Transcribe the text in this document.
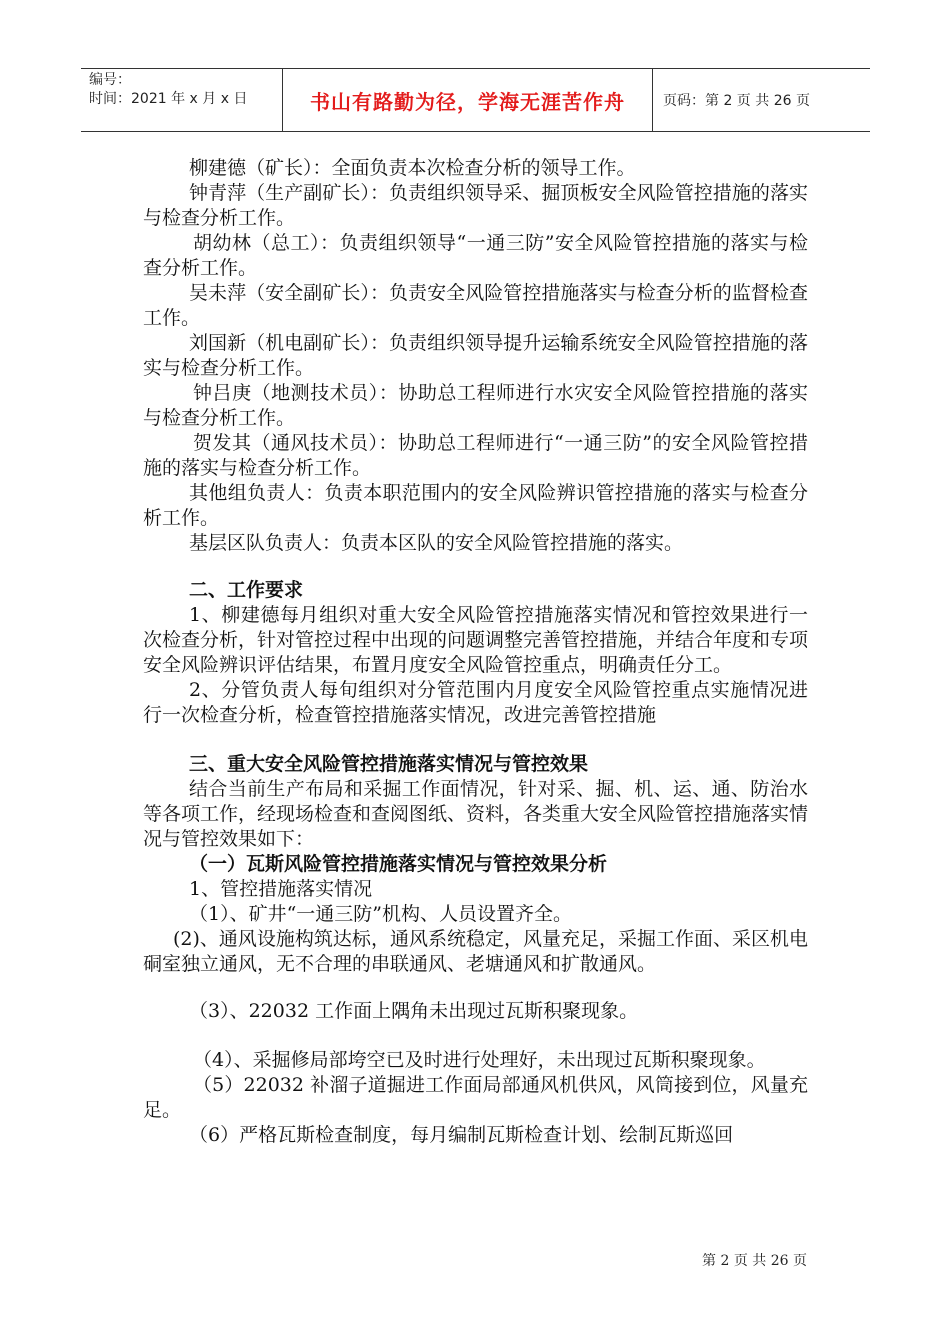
编号：
时间：2021 年 x 月 x 日	书山有路勤为径，学海无涯苦作舟	页码：第 2 页 共 26 页

柳建德（矿长）：全面负责本次检查分析的领导工作。

钟青萍（生产副矿长）：负责组织领导采、掘顶板安全风险管控措施的落实与检查分析工作。

胡幼林（总工）：负责组织领导“一通三防”安全风险管控措施的落实与检查分析工作。

吴未萍（安全副矿长）：负责安全风险管控措施落实与检查分析的监督检查工作。

刘国新（机电副矿长）：负责组织领导提升运输系统安全风险管控措施的落实与检查分析工作。

钟吕庚（地测技术员）：协助总工程师进行水灾安全风险管控措施的落实与检查分析工作。

贺发其（通风技术员）：协助总工程师进行“一通三防”的安全风险管控措施的落实与检查分析工作。

其他组负责人：负责本职范围内的安全风险辨识管控措施的落实与检查分析工作。

基层区队负责人：负责本区队的安全风险管控措施的落实。

二、工作要求

1、柳建德每月组织对重大安全风险管控措施落实情况和管控效果进行一次检查分析，针对管控过程中出现的问题调整完善管控措施，并结合年度和专项安全风险辨识评估结果，布置月度安全风险管控重点，明确责任分工。

2、分管负责人每旬组织对分管范围内月度安全风险管控重点实施情况进行一次检查分析，检查管控措施落实情况，改进完善管控措施

三、重大安全风险管控措施落实情况与管控效果

结合当前生产布局和采掘工作面情况，针对采、掘、机、运、通、防治水等各项工作，经现场检查和查阅图纸、资料，各类重大安全风险管控措施落实情况与管控效果如下：

（一）瓦斯风险管控措施落实情况与管控效果分析

1、管控措施落实情况

（1）、矿井“一通三防”机构、人员设置齐全。

(2)、通风设施构筑达标，通风系统稳定，风量充足，采掘工作面、采区机电硐室独立通风，无不合理的串联通风、老塘通风和扩散通风。

（3）、22032 工作面上隅角未出现过瓦斯积聚现象。

（4）、采掘修局部垮空已及时进行处理好，未出现过瓦斯积聚现象。

（5）22032 补溜子道掘进工作面局部通风机供风，风筒接到位，风量充足。

（6）严格瓦斯检查制度，每月编制瓦斯检查计划、绘制瓦斯巡回

第 2 页 共 26 页
